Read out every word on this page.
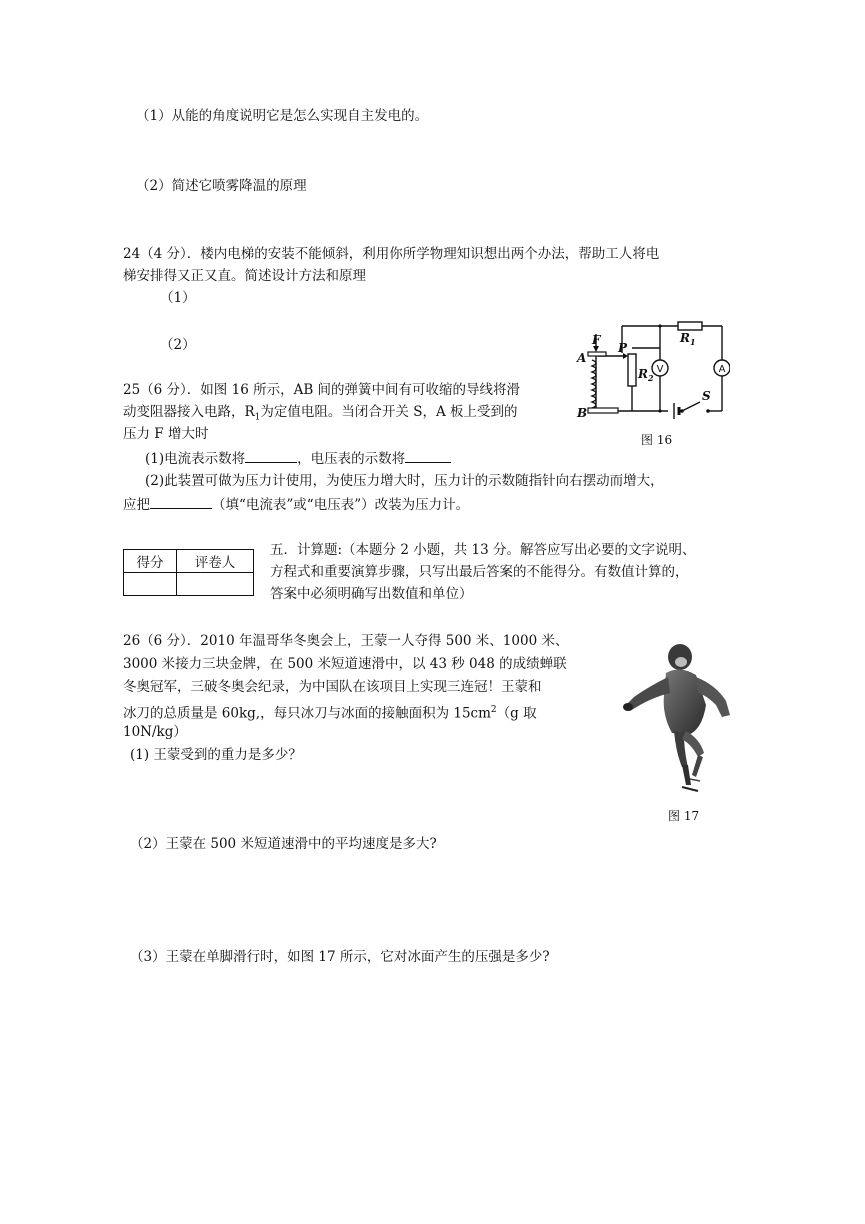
（1）从能的角度说明它是怎么实现自主发电的。
（2）简述它喷雾降温的原理
24（4 分）．楼内电梯的安装不能倾斜，利用你所学物理知识想出两个办法，帮助工人将电
梯安排得又正又直。简述设计方法和原理
（1）
（2）
25（6 分）．如图 16 所示，AB 间的弹簧中间有可收缩的导线将滑
动变阻器接入电路，$R_1$为定值电阻。当闭合开关 S，A 板上受到的
压力 F 增大时
(1)电流表示数将	，电压表的示数将
(2)此装置可做为压力计使用，为使压力增大时，压力计的示数随指针向右摆动而增大，
应把	（填“电流表”或“电压表”）改装为压力计。
F
A
B
P
$R_1$
$R_2$
S
V	A
图 16
得分	评卷人

五．计算题:（本题分 2 小题，共 13 分。解答应写出必要的文字说明、
方程式和重要演算步骤，只写出最后答案的不能得分。有数值计算的，
答案中必须明确写出数值和单位）
26（6 分）．2010 年温哥华冬奥会上，王蒙一人夺得 500 米、1000 米、
3000 米接力三块金牌，在 500 米短道速滑中，以 43 秒 048 的成绩蝉联
冬奥冠军，三破冬奥会纪录，为中国队在该项目上实现三连冠！王蒙和
冰刀的总质量是 60kg,，每只冰刀与冰面的接触面积为 $15cm^2(g$ 取
10N/kg）
(1) 王蒙受到的重力是多少？
（2）王蒙在 500 米短道速滑中的平均速度是多大?
（3）王蒙在单脚滑行时，如图 17 所示，它对冰面产生的压强是多少?
图 17
